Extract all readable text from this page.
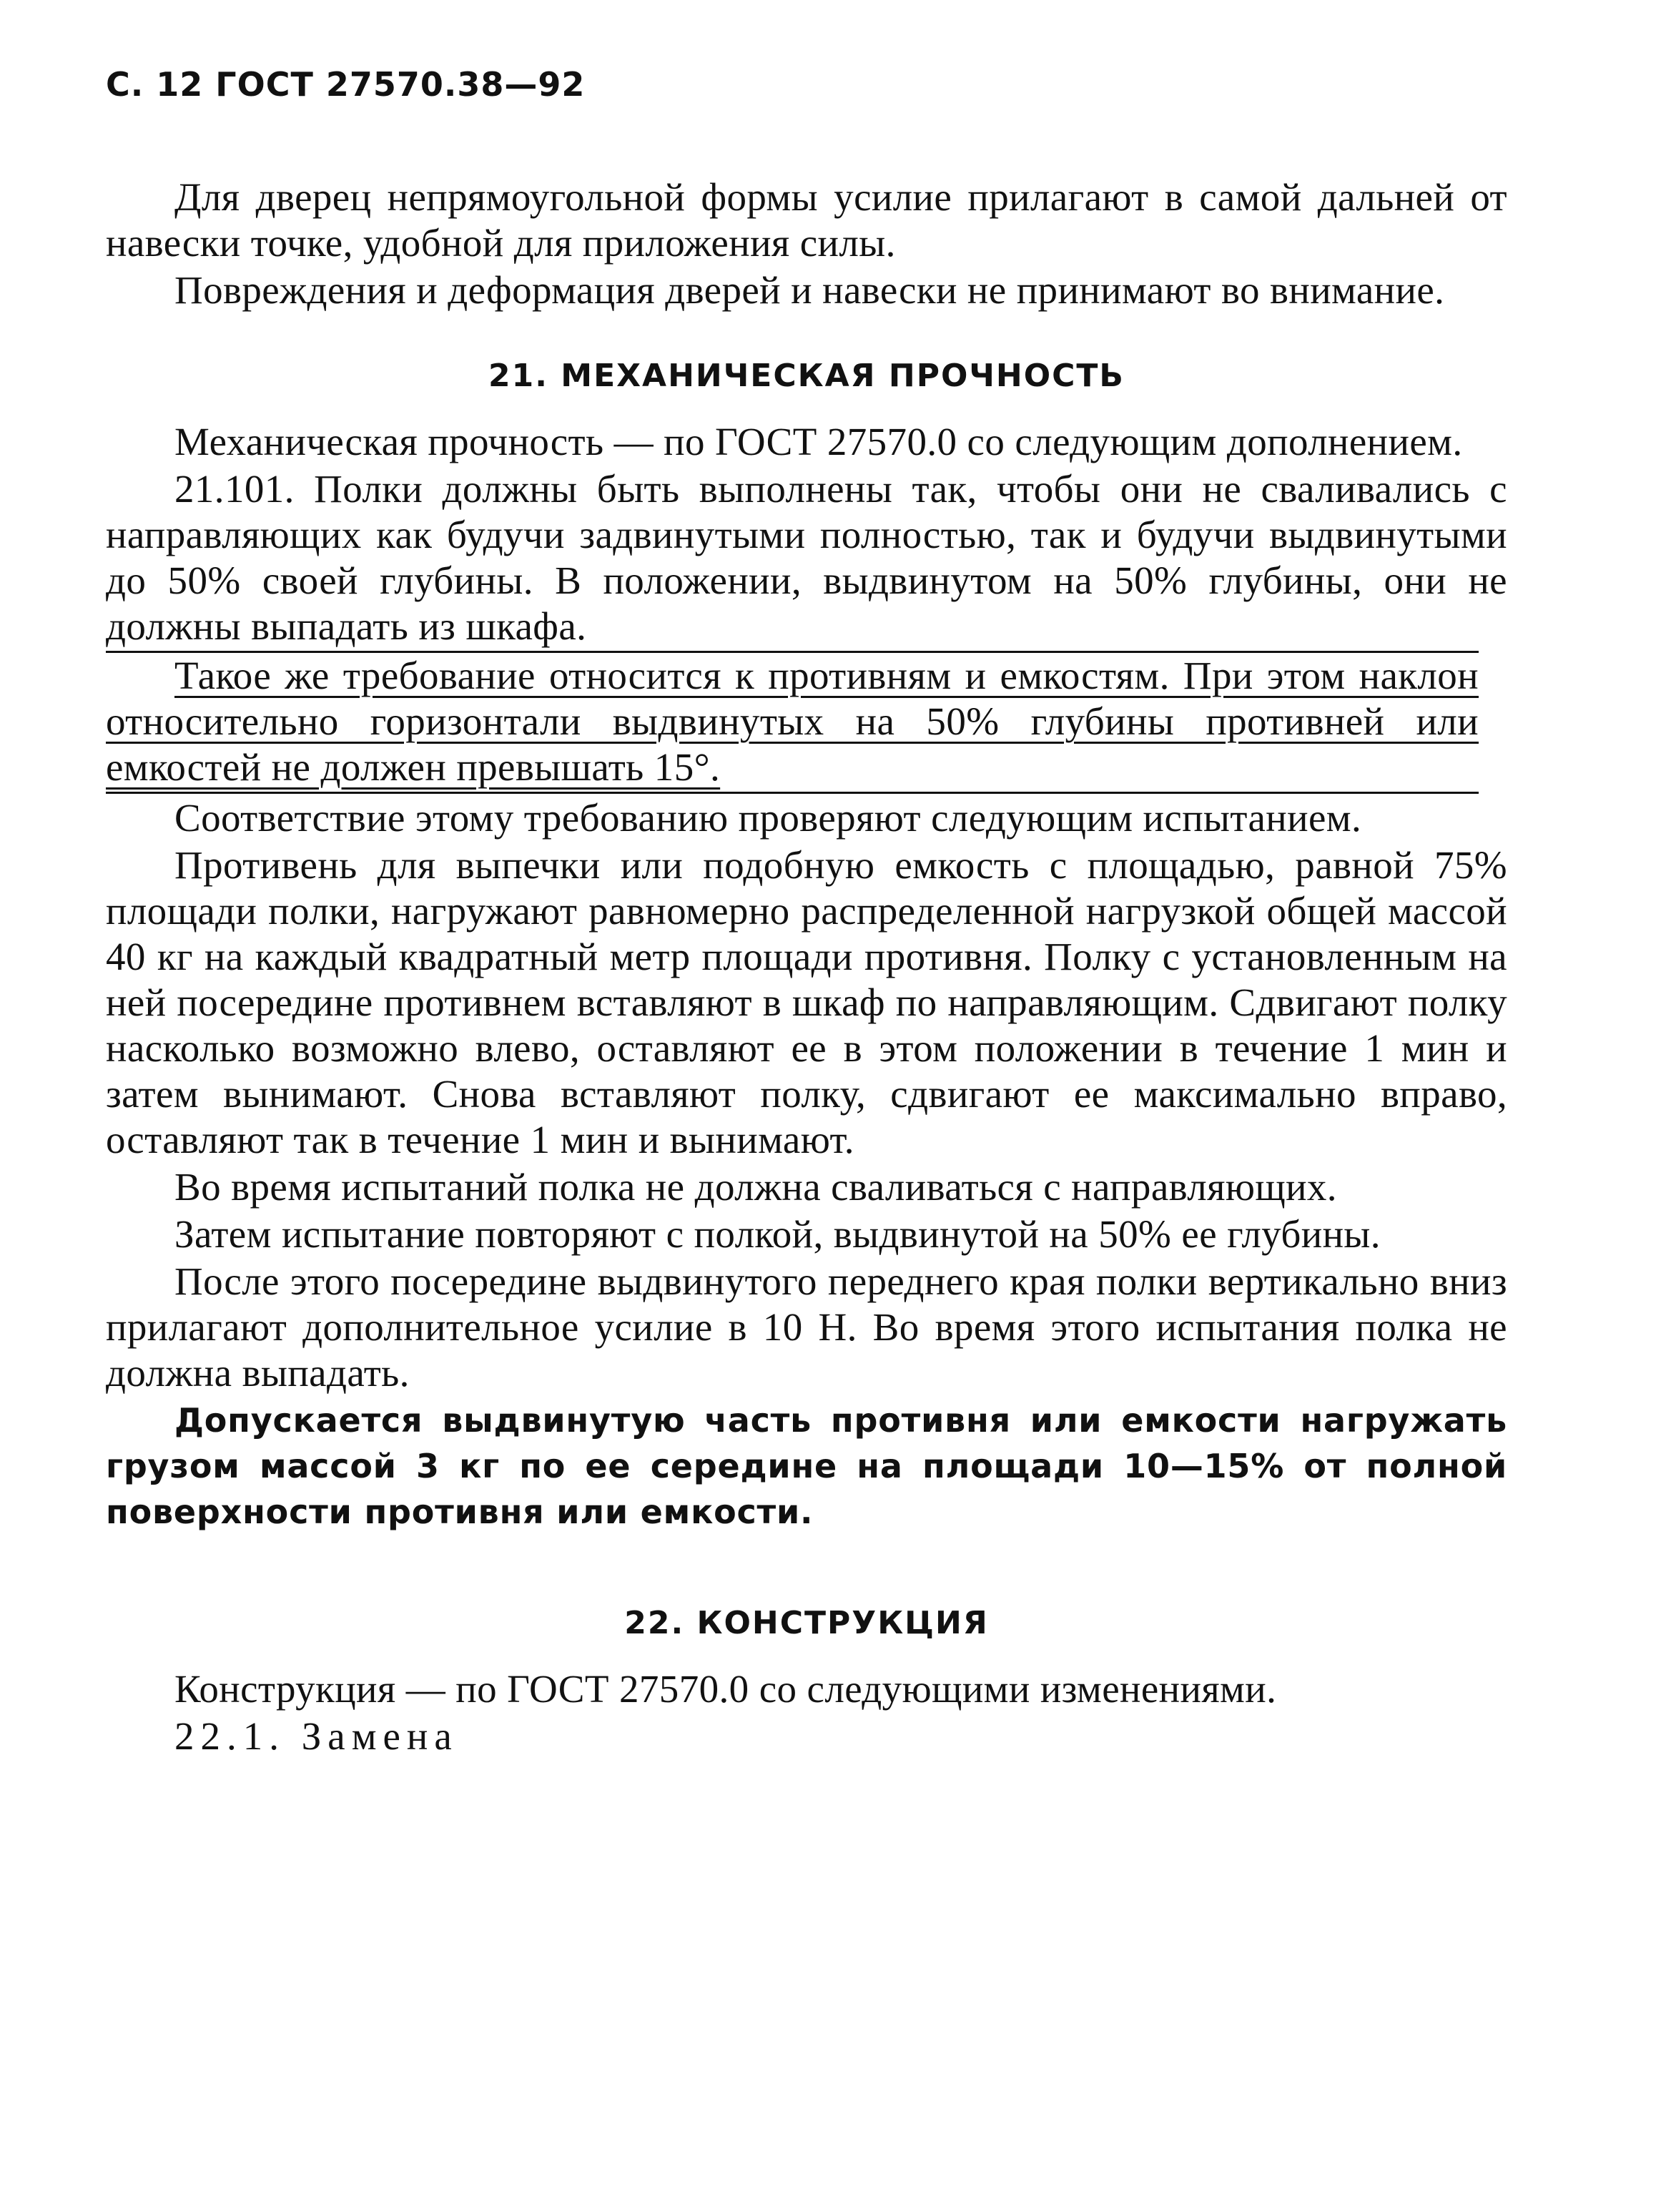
С. 12 ГОСТ 27570.38—92

Для дверец непрямоугольной формы усилие прилагают в самой дальней от навески точке, удобной для приложения силы.

Повреждения и деформация дверей и навески не принимают во внимание.

21. МЕХАНИЧЕСКАЯ ПРОЧНОСТЬ

Механическая прочность — по ГОСТ 27570.0 со следующим дополнением.

21.101. Полки должны быть выполнены так, чтобы они не сваливались с направляющих как будучи задвинутыми полностью, так и будучи выдвинутыми до 50% своей глубины. В положении, выдвинутом на 50% глубины, они не должны выпадать из шкафа.

Такое же требование относится к противням и емкостям. При этом наклон относительно горизонтали выдвинутых на 50% глубины противней или емкостей не должен превышать 15°.

Соответствие этому требованию проверяют следующим испытанием.

Противень для выпечки или подобную емкость с площадью, равной 75% площади полки, нагружают равномерно распределенной нагрузкой общей массой 40 кг на каждый квадратный метр площади противня. Полку с установленным на ней посередине противнем вставляют в шкаф по направляющим. Сдвигают полку насколько возможно влево, оставляют ее в этом положении в течение 1 мин и затем вынимают. Снова вставляют полку, сдвигают ее максимально вправо, оставляют так в течение 1 мин и вынимают.

Во время испытаний полка не должна сваливаться с направляющих.

Затем испытание повторяют с полкой, выдвинутой на 50% ее глубины.

После этого посередине выдвинутого переднего края полки вертикально вниз прилагают дополнительное усилие в 10 Н. Во время этого испытания полка не должна выпадать.

Допускается выдвинутую часть противня или емкости нагружать грузом массой 3 кг по ее середине на площади 10—15% от полной поверхности противня или емкости.

22. КОНСТРУКЦИЯ

Конструкция — по ГОСТ 27570.0 со следующими изменениями.

22.1. Замена
